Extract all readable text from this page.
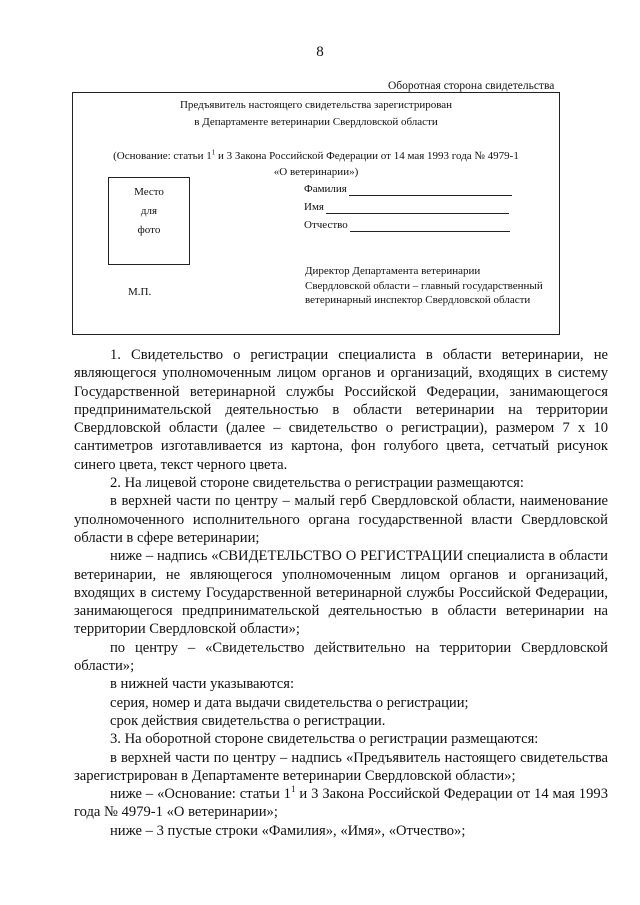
8
Оборотная сторона свидетельства
Предъявитель настоящего свидетельства зарегистрирован
в Департаменте ветеринарии Свердловской области
(Основание: статьи $1^1$ и 3 Закона Российской Федерации от 14 мая 1993 года № 4979-1
«О ветеринарии»)
Место
для
фото
Фамилия
Имя
Отчество
М.П.
Директор Департамента ветеринарии
Свердловской области – главный государственный
ветеринарный инспектор Свердловской области

1. Свидетельство о регистрации специалиста в области ветеринарии, не являющегося уполномоченным лицом органов и организаций, входящих в систему Государственной ветеринарной службы Российской Федерации, занимающегося предпринимательской деятельностью в области ветеринарии на территории Свердловской области (далее – свидетельство о регистрации), размером 7 х 10 сантиметров изготавливается из картона, фон голубого цвета, сетчатый рисунок синего цвета, текст черного цвета.

2. На лицевой стороне свидетельства о регистрации размещаются:

в верхней части по центру – малый герб Свердловской области, наименование уполномоченного исполнительного органа государственной власти Свердловской области в сфере ветеринарии;

ниже – надпись «СВИДЕТЕЛЬСТВО О РЕГИСТРАЦИИ специалиста в области ветеринарии, не являющегося уполномоченным лицом органов и организаций, входящих в систему Государственной ветеринарной службы Российской Федерации, занимающегося предпринимательской деятельностью в области ветеринарии на территории Свердловской области»;

по центру – «Свидетельство действительно на территории Свердловской области»;

в нижней части указываются:

серия, номер и дата выдачи свидетельства о регистрации;

срок действия свидетельства о регистрации.

3. На оборотной стороне свидетельства о регистрации размещаются:

в верхней части по центру – надпись «Предъявитель настоящего свидетельства зарегистрирован в Департаменте ветеринарии Свердловской области»;

ниже – «Основание: статьи $1^1$ и 3 Закона Российской Федерации от 14 мая 1993 года № 4979-1 «О ветеринарии»;

ниже – 3 пустые строки «Фамилия», «Имя», «Отчество»;
